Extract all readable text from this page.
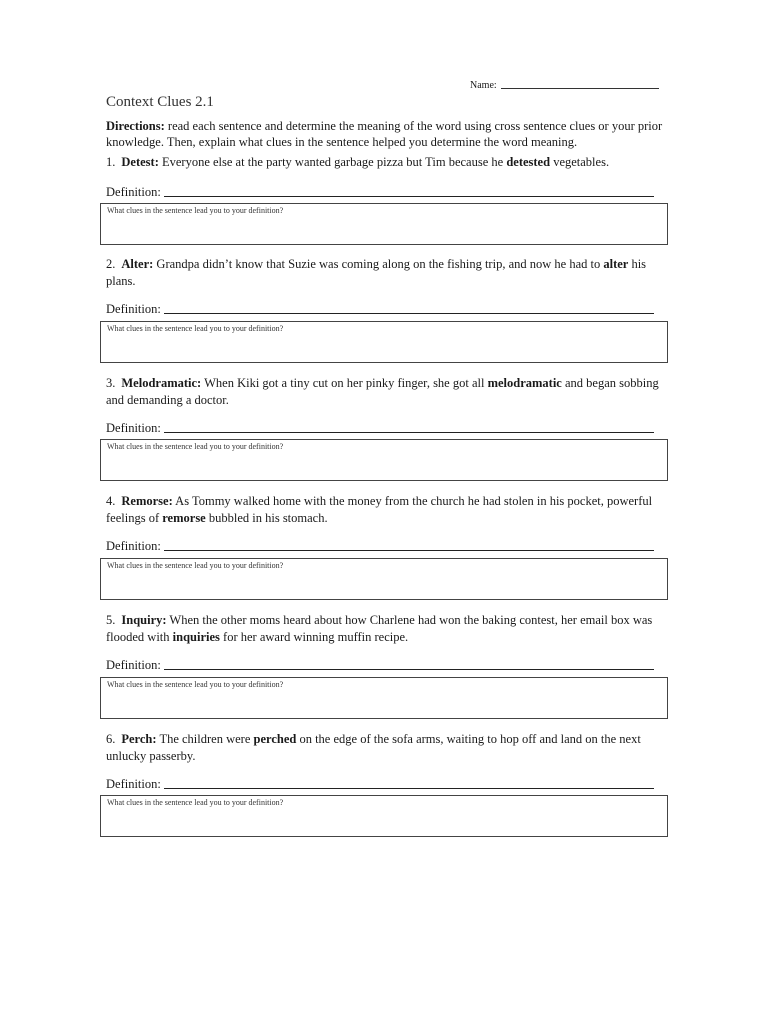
Name:
Context Clues 2.1
Directions: read each sentence and determine the meaning of the word using cross sentence clues or your prior knowledge. Then, explain what clues in the sentence helped you determine the word meaning.

1. Detest: Everyone else at the party wanted garbage pizza but Tim because he detested vegetables.

Definition:
What clues in the sentence lead you to your definition?

2. Alter: Grandpa didn’t know that Suzie was coming along on the fishing trip, and now he had to alter his plans.

Definition:
What clues in the sentence lead you to your definition?

3. Melodramatic: When Kiki got a tiny cut on her pinky finger, she got all melodramatic and began sobbing and demanding a doctor.

Definition:
What clues in the sentence lead you to your definition?

4. Remorse: As Tommy walked home with the money from the church he had stolen in his pocket, powerful feelings of remorse bubbled in his stomach.

Definition:
What clues in the sentence lead you to your definition?

5. Inquiry: When the other moms heard about how Charlene had won the baking contest, her email box was flooded with inquiries for her award winning muffin recipe.

Definition:
What clues in the sentence lead you to your definition?

6. Perch: The children were perched on the edge of the sofa arms, waiting to hop off and land on the next unlucky passerby.

Definition:
What clues in the sentence lead you to your definition?
